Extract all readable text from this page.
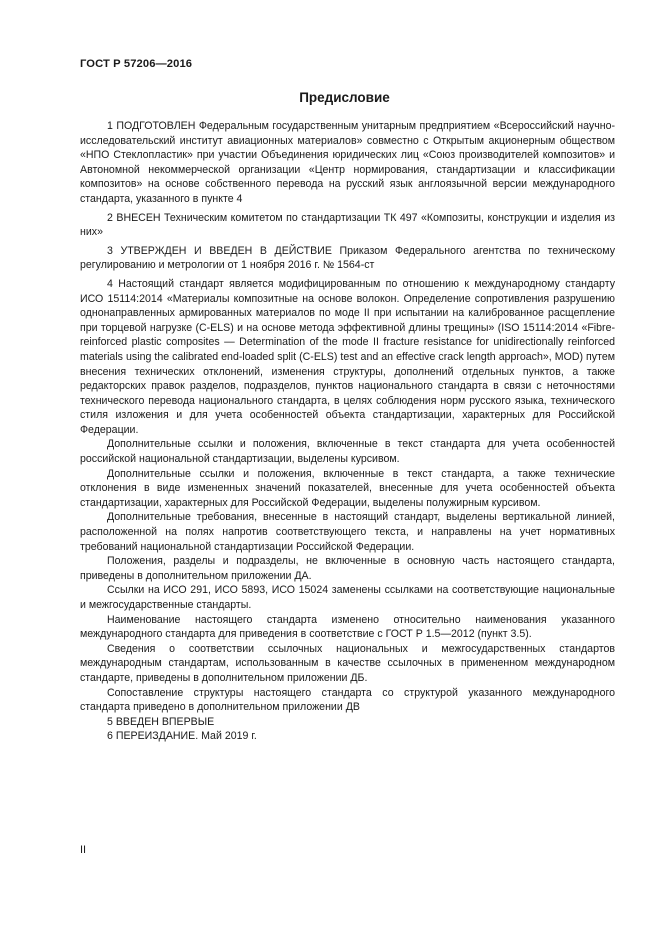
ГОСТ Р 57206—2016
Предисловие

1 ПОДГОТОВЛЕН Федеральным государственным унитарным предприятием «Всероссийский научно-исследовательский институт авиационных материалов» совместно с Открытым акционерным обществом «НПО Стеклопластик» при участии Объединения юридических лиц «Союз производителей композитов» и Автономной некоммерческой организации «Центр нормирования, стандартизации и классификации композитов» на основе собственного перевода на русский язык англоязычной версии международного стандарта, указанного в пункте 4

2 ВНЕСЕН Техническим комитетом по стандартизации ТК 497 «Композиты, конструкции и изделия из них»

3 УТВЕРЖДЕН И ВВЕДЕН В ДЕЙСТВИЕ Приказом Федерального агентства по техническому регулированию и метрологии от 1 ноября 2016 г. № 1564-ст

4 Настоящий стандарт является модифицированным по отношению к международному стандарту ИСО 15114:2014 «Материалы композитные на основе волокон. Определение сопротивления разрушению однонаправленных армированных материалов по моде II при испытании на калиброванное расщепление при торцевой нагрузке (C-ELS) и на основе метода эффективной длины трещины» (ISO 15114:2014 «Fibre-reinforced plastic composites — Determination of the mode II fracture resistance for unidirectionally reinforced materials using the calibrated end-loaded split (C-ELS) test and an effective crack length approach», MOD) путем внесения технических отклонений, изменения структуры, дополнений отдельных пунктов, а также редакторских правок разделов, подразделов, пунктов национального стандарта в связи с неточностями технического перевода национального стандарта, в целях соблюдения норм русского языка, технического стиля изложения и для учета особенностей объекта стандартизации, характерных для Российской Федерации.

Дополнительные ссылки и положения, включенные в текст стандарта для учета особенностей российской национальной стандартизации, выделены курсивом.

Дополнительные ссылки и положения, включенные в текст стандарта, а также технические отклонения в виде измененных значений показателей, внесенные для учета особенностей объекта стандартизации, характерных для Российской Федерации, выделены полужирным курсивом.

Дополнительные требования, внесенные в настоящий стандарт, выделены вертикальной линией, расположенной на полях напротив соответствующего текста, и направлены на учет нормативных требований национальной стандартизации Российской Федерации.

Положения, разделы и подразделы, не включенные в основную часть настоящего стандарта, приведены в дополнительном приложении ДА.

Ссылки на ИСО 291, ИСО 5893, ИСО 15024 заменены ссылками на соответствующие национальные и межгосударственные стандарты.

Наименование настоящего стандарта изменено относительно наименования указанного международного стандарта для приведения в соответствие с ГОСТ Р 1.5—2012 (пункт 3.5).

Сведения о соответствии ссылочных национальных и межгосударственных стандартов международным стандартам, использованным в качестве ссылочных в примененном международном стандарте, приведены в дополнительном приложении ДБ.

Сопоставление структуры настоящего стандарта со структурой указанного международного стандарта приведено в дополнительном приложении ДВ

5 ВВЕДЕН ВПЕРВЫЕ

6 ПЕРЕИЗДАНИЕ. Май 2019 г.

II
